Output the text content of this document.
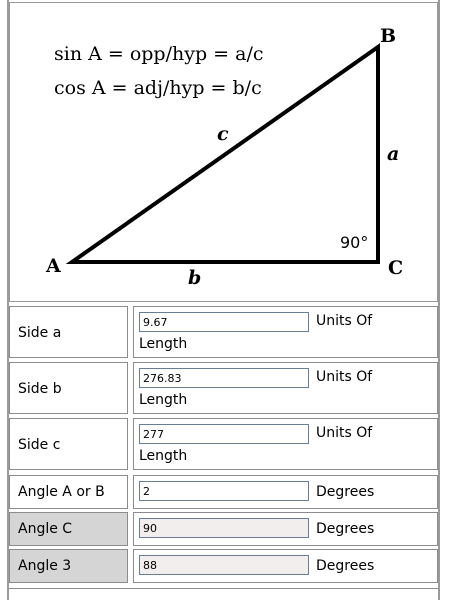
sin A = opp/hyp = a/c
cos A = adj/hyp = b/c
A
B
C
a
b
c
90°
Side a
9.67
Units Of
Length
Side b
276.83
Units Of
Length
Side c
277
Units Of
Length
Angle A or B
2	Degrees
Angle C
90	Degrees
Angle 3
88	Degrees
